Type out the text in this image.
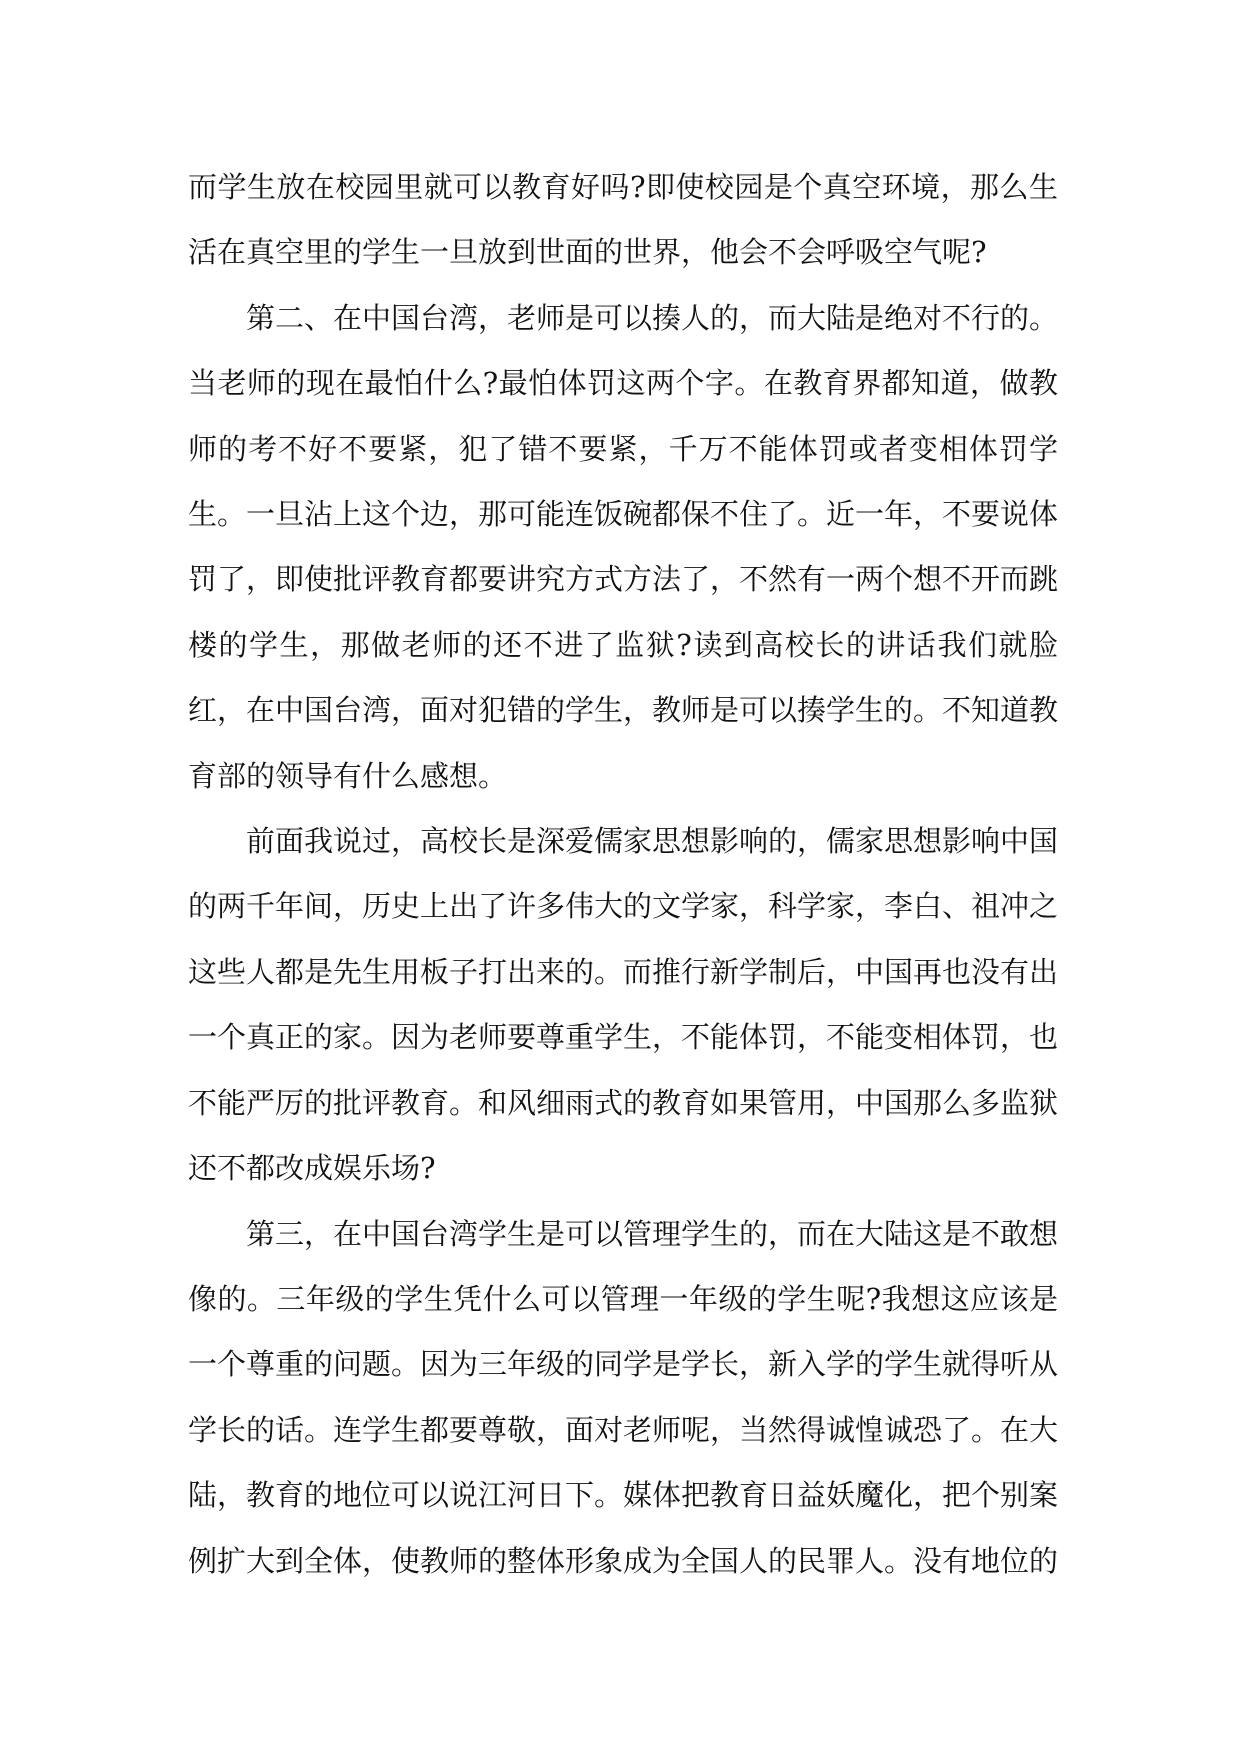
而学生放在校园里就可以教育好吗?即使校园是个真空环境，那么生活在真空里的学生一旦放到世面的世界，他会不会呼吸空气呢?

第二、在中国台湾，老师是可以揍人的，而大陆是绝对不行的。当老师的现在最怕什么?最怕体罚这两个字。在教育界都知道，做教师的考不好不要紧，犯了错不要紧，千万不能体罚或者变相体罚学生。一旦沾上这个边，那可能连饭碗都保不住了。近一年，不要说体罚了，即使批评教育都要讲究方式方法了，不然有一两个想不开而跳楼的学生，那做老师的还不进了监狱?读到高校长的讲话我们就脸红，在中国台湾，面对犯错的学生，教师是可以揍学生的。不知道教育部的领导有什么感想。

前面我说过，高校长是深爱儒家思想影响的，儒家思想影响中国的两千年间，历史上出了许多伟大的文学家，科学家，李白、祖冲之这些人都是先生用板子打出来的。而推行新学制后，中国再也没有出一个真正的家。因为老师要尊重学生，不能体罚，不能变相体罚，也不能严厉的批评教育。和风细雨式的教育如果管用，中国那么多监狱还不都改成娱乐场?

第三，在中国台湾学生是可以管理学生的，而在大陆这是不敢想像的。三年级的学生凭什么可以管理一年级的学生呢?我想这应该是一个尊重的问题。因为三年级的同学是学长，新入学的学生就得听从学长的话。连学生都要尊敬，面对老师呢，当然得诚惶诚恐了。在大陆，教育的地位可以说江河日下。媒体把教育日益妖魔化，把个别案例扩大到全体，使教师的整体形象成为全国人的民罪人。没有地位的
